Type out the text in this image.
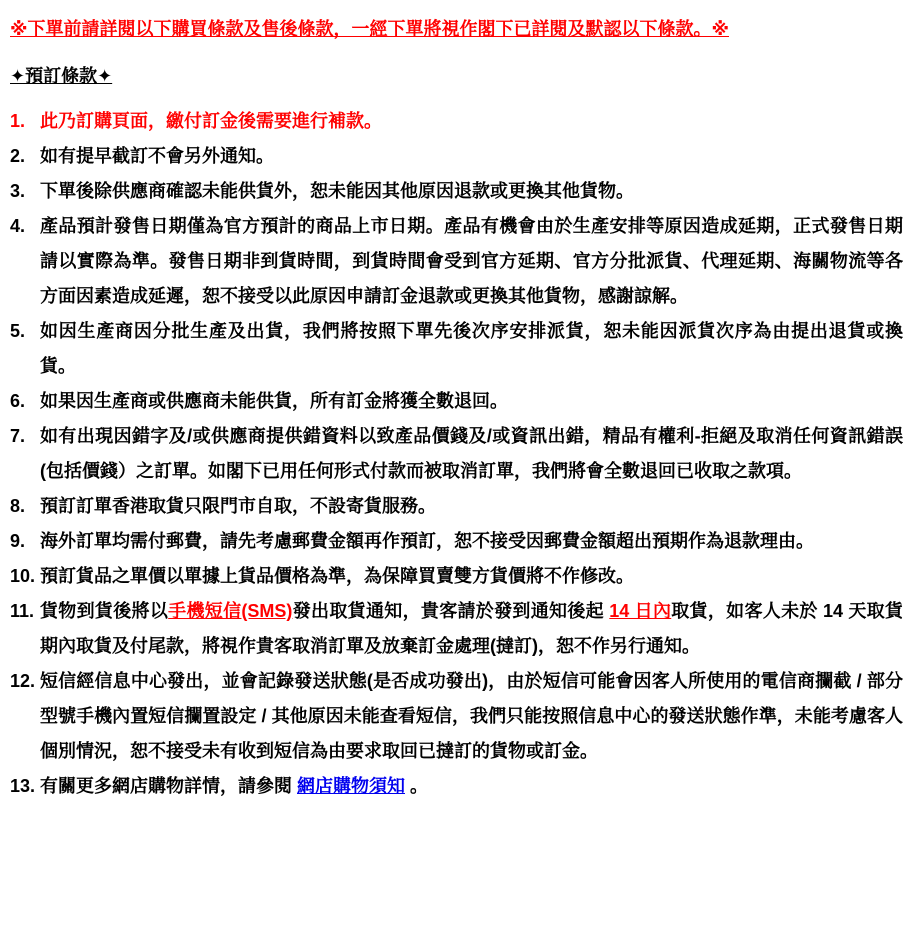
※下單前請詳閱以下購買條款及售後條款，一經下單將視作閣下已詳閱及默認以下條款。※
✦預訂條款✦
1. 此乃訂購頁面，繳付訂金後需要進行補款。
2. 如有提早截訂不會另外通知。
3. 下單後除供應商確認未能供貨外，恕未能因其他原因退款或更換其他貨物。
4. 產品預計發售日期僅為官方預計的商品上市日期。產品有機會由於生產安排等原因造成延期，正式發售日期請以實際為準。發售日期非到貨時間，到貨時間會受到官方延期、官方分批派貨、代理延期、海關物流等各方面因素造成延遲，恕不接受以此原因申請訂金退款或更換其他貨物，感謝諒解。
5. 如因生產商因分批生產及出貨，我們將按照下單先後次序安排派貨，恕未能因派貨次序為由提出退貨或換貨。
6. 如果因生產商或供應商未能供貨，所有訂金將獲全數退回。
7. 如有出現因錯字及/或供應商提供錯資料以致產品價錢及/或資訊出錯，精品有權利-拒絕及取消任何資訊錯誤(包括價錢）之訂單。如閣下已用任何形式付款而被取消訂單，我們將會全數退回已收取之款項。
8. 預訂訂單香港取貨只限門市自取，不設寄貨服務。
9. 海外訂單均需付郵費，請先考慮郵費金額再作預訂，恕不接受因郵費金額超出預期作為退款理由。
10. 預訂貨品之單價以單據上貨品價格為準，為保障買賣雙方貨價將不作修改。
11. 貨物到貨後將以手機短信(SMS)發出取貨通知，貴客請於發到通知後起 14 日內取貨，如客人未於 14 天取貨期內取貨及付尾款，將視作貴客取消訂單及放棄訂金處理(撻訂)，恕不作另行通知。
12. 短信經信息中心發出，並會記錄發送狀態(是否成功發出)，由於短信可能會因客人所使用的電信商攔截 / 部分型號手機內置短信攔置設定 / 其他原因未能查看短信，我們只能按照信息中心的發送狀態作準，未能考慮客人個別情況，恕不接受未有收到短信為由要求取回已撻訂的貨物或訂金。
13. 有關更多網店購物詳情，請參閱 網店購物須知 。
